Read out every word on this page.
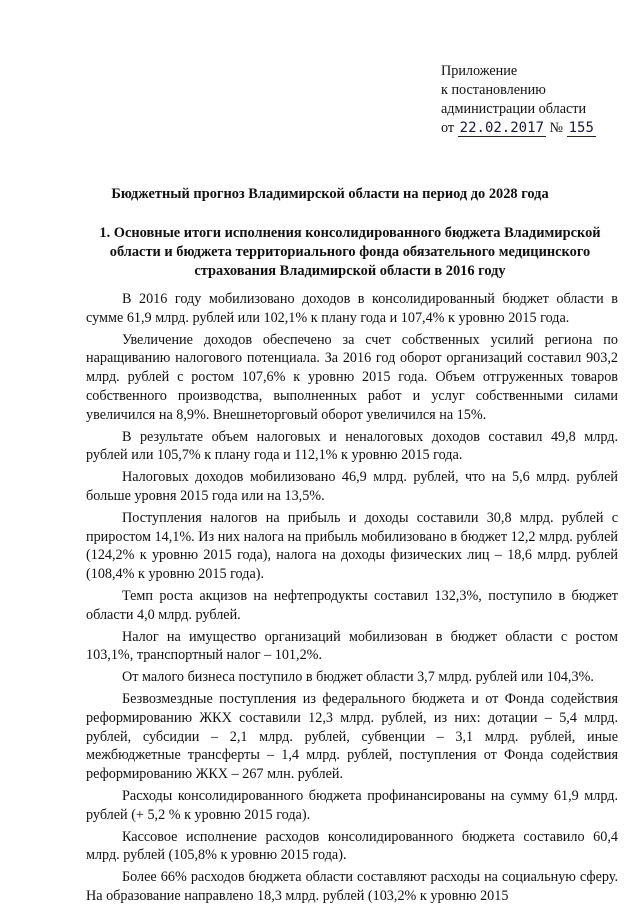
Приложение
к постановлению
администрации области
от 22.02.2017 № 155
Бюджетный прогноз Владимирской области на период до 2028 года
1. Основные итоги исполнения консолидированного бюджета Владимирской области и бюджета территориального фонда обязательного медицинского страхования Владимирской области в 2016 году

В 2016 году мобилизовано доходов в консолидированный бюджет области в сумме 61,9 млрд. рублей или 102,1% к плану года и 107,4% к уровню 2015 года.

Увеличение доходов обеспечено за счет собственных усилий региона по наращиванию налогового потенциала. За 2016 год оборот организаций составил 903,2 млрд. рублей с ростом 107,6% к уровню 2015 года. Объем отгруженных товаров собственного производства, выполненных работ и услуг собственными силами увеличился на 8,9%. Внешнеторговый оборот увеличился на 15%.

В результате объем налоговых и неналоговых доходов составил 49,8 млрд. рублей или 105,7% к плану года и 112,1% к уровню 2015 года.

Налоговых доходов мобилизовано 46,9 млрд. рублей, что на 5,6 млрд. рублей больше уровня 2015 года или на 13,5%.

Поступления налогов на прибыль и доходы составили 30,8 млрд. рублей с приростом 14,1%. Из них налога на прибыль мобилизовано в бюджет 12,2 млрд. рублей (124,2% к уровню 2015 года), налога на доходы физических лиц – 18,6 млрд. рублей (108,4% к уровню 2015 года).

Темп роста акцизов на нефтепродукты составил 132,3%, поступило в бюджет области 4,0 млрд. рублей.

Налог на имущество организаций мобилизован в бюджет области с ростом 103,1%, транспортный налог – 101,2%.

От малого бизнеса поступило в бюджет области 3,7 млрд. рублей или 104,3%.

Безвозмездные поступления из федерального бюджета и от Фонда содействия реформированию ЖКХ составили 12,3 млрд. рублей, из них: дотации – 5,4 млрд. рублей, субсидии – 2,1 млрд. рублей, субвенции – 3,1 млрд. рублей, иные межбюджетные трансферты – 1,4 млрд. рублей, поступления от Фонда содействия реформированию ЖКХ – 267 млн. рублей.

Расходы консолидированного бюджета профинансированы на сумму 61,9 млрд. рублей (+ 5,2 % к уровню 2015 года).

Кассовое исполнение расходов консолидированного бюджета составило 60,4 млрд. рублей (105,8% к уровню 2015 года).

Более 66% расходов бюджета области составляют расходы на социальную сферу. На образование направлено 18,3 млрд. рублей (103,2% к уровню 2015
